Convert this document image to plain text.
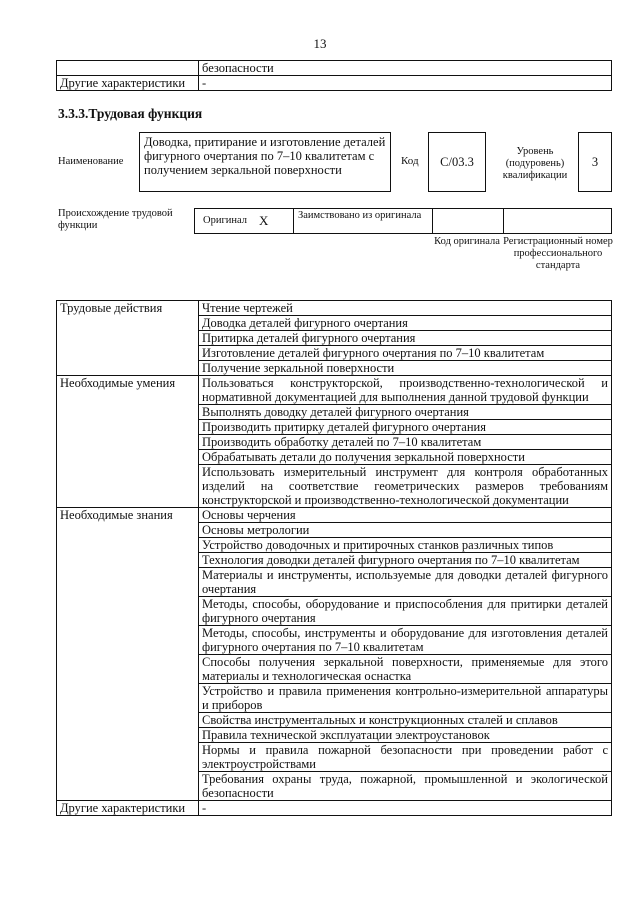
13
	безопасности
Другие характеристики	-
3.3.3.Трудовая функция
Наименование
Доводка, притирание и изготовление деталей фигурного очертания по 7–10 квалитетам с получением зеркальной поверхности
Код	С/03.3
Уровень (подуровень) квалификации
3
Происхождение трудовой функции	Оригинал X	Заимствовано из оригинала
Код оригинала Регистрационный номер профессионального стандарта
Трудовые действия	Чтение чертежей
	Доводка деталей фигурного очертания
	Притирка деталей фигурного очертания
	Изготовление деталей фигурного очертания по 7–10 квалитетам
	Получение зеркальной поверхности
Необходимые умения	Пользоваться конструкторской, производственно-технологической и нормативной документацией для выполнения данной трудовой функции
	Выполнять доводку деталей фигурного очертания
	Производить притирку деталей фигурного очертания
	Производить обработку деталей по 7–10 квалитетам
	Обрабатывать детали до получения зеркальной поверхности
	Использовать измерительный инструмент для контроля обработанных изделий на соответствие геометрических размеров требованиям конструкторской и производственно-технологической документации
Необходимые знания	Основы черчения
	Основы метрологии
	Устройство доводочных и притирочных станков различных типов
	Технология доводки деталей фигурного очертания по 7–10 квалитетам
	Материалы и инструменты, используемые для доводки деталей фигурного очертания
	Методы, способы, оборудование и приспособления для притирки деталей фигурного очертания
	Методы, способы, инструменты и оборудование для изготовления деталей фигурного очертания по 7–10 квалитетам
	Способы получения зеркальной поверхности, применяемые для этого материалы и технологическая оснастка
	Устройство и правила применения контрольно-измерительной аппаратуры и приборов
	Свойства инструментальных и конструкционных сталей и сплавов
	Правила технической эксплуатации электроустановок
	Нормы и правила пожарной безопасности при проведении работ с электроустройствами
	Требования охраны труда, пожарной, промышленной и экологической безопасности
Другие характеристики	-
